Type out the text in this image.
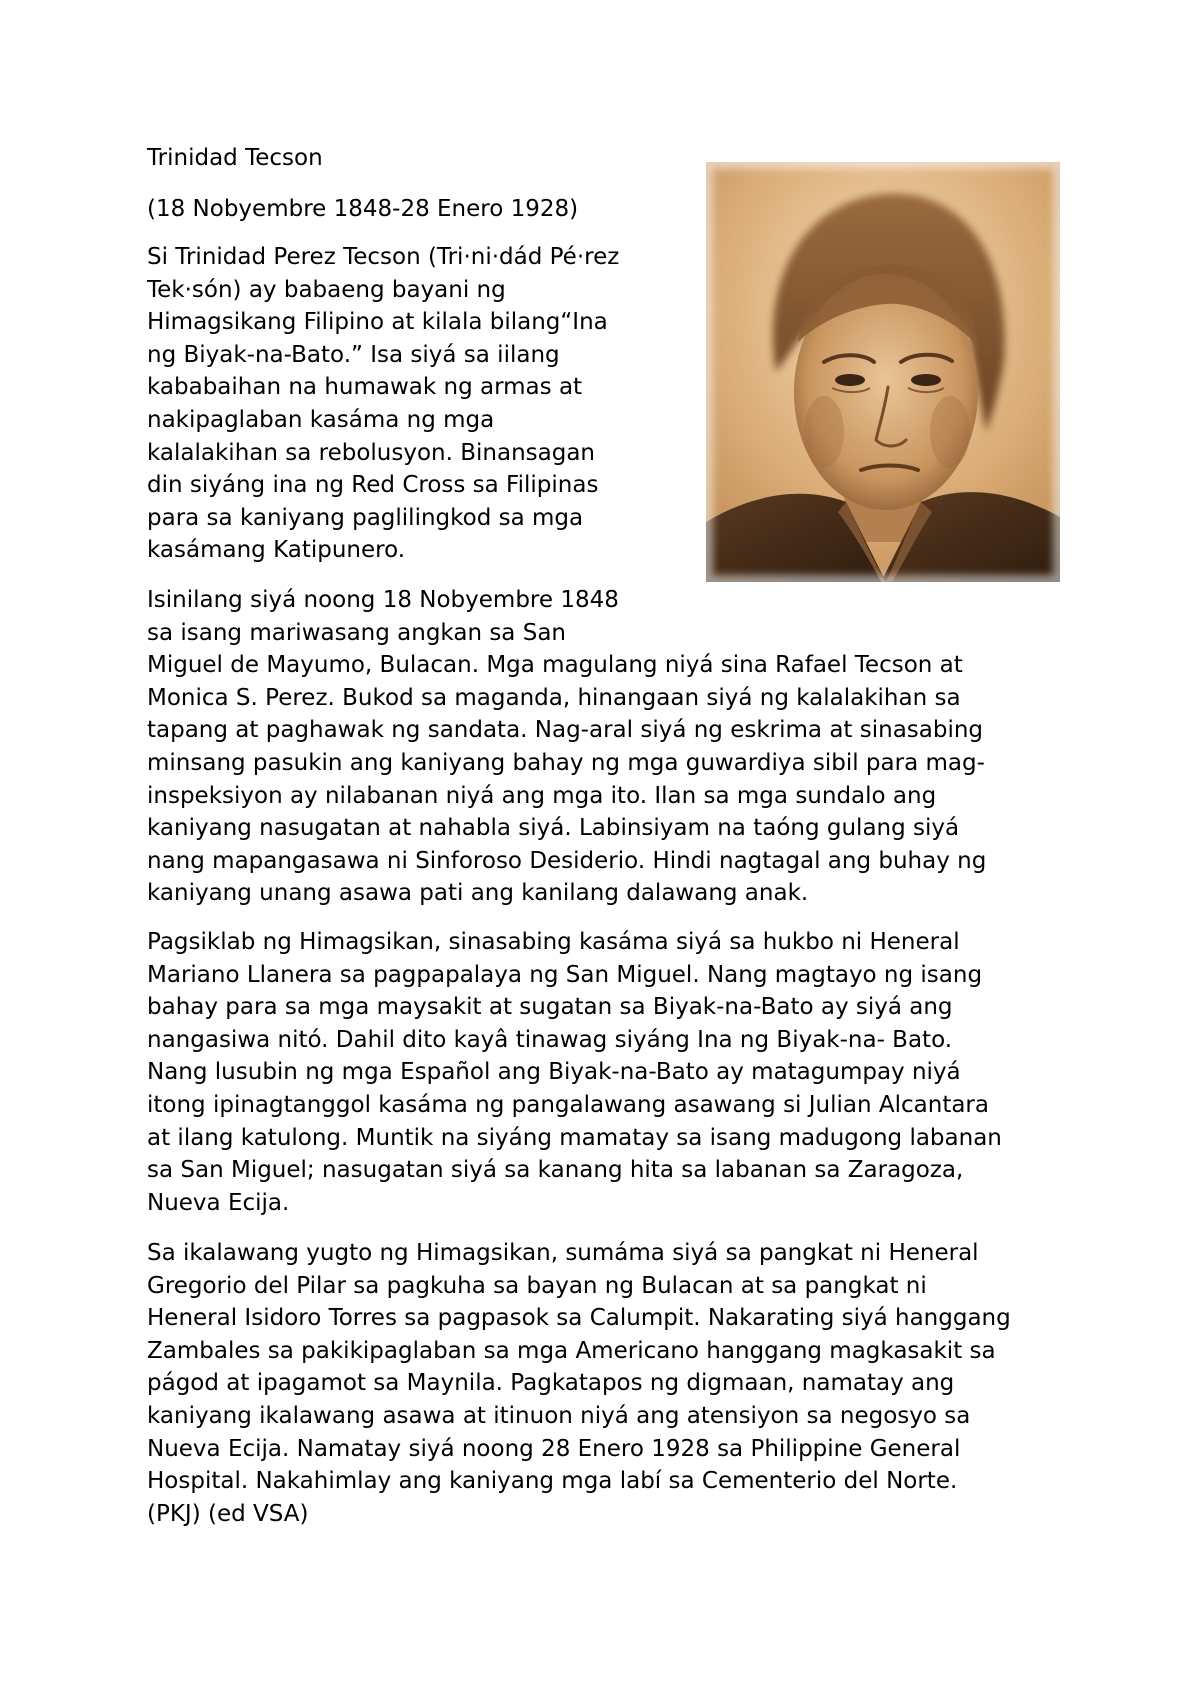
Trinidad Tecson
(18 Nobyembre 1848-28 Enero 1928)
Si Trinidad Perez Tecson (Tri·ni·dád Pé·rez
Tek·són) ay babaeng bayani ng
Himagsikang Filipino at kilala bilang“Ina
ng Biyak-na-Bato.” Isa siyá sa iilang
kababaihan na humawak ng armas at
nakipaglaban kasáma ng mga
kalalakihan sa rebolusyon. Binansagan
din siyáng ina ng Red Cross sa Filipinas
para sa kaniyang paglilingkod sa mga
kasámang Katipunero.
Isinilang siyá noong 18 Nobyembre 1848
sa isang mariwasang angkan sa San
Miguel de Mayumo, Bulacan. Mga magulang niyá sina Rafael Tecson at
Monica S. Perez. Bukod sa maganda, hinangaan siyá ng kalalakihan sa
tapang at paghawak ng sandata. Nag-aral siyá ng eskrima at sinasabing
minsang pasukin ang kaniyang bahay ng mga guwardiya sibil para mag-
inspeksiyon ay nilabanan niyá ang mga ito. Ilan sa mga sundalo ang
kaniyang nasugatan at nahabla siyá. Labinsiyam na taóng gulang siyá
nang mapangasawa ni Sinforoso Desiderio. Hindi nagtagal ang buhay ng
kaniyang unang asawa pati ang kanilang dalawang anak.
Pagsiklab ng Himagsikan, sinasabing kasáma siyá sa hukbo ni Heneral
Mariano Llanera sa pagpapalaya ng San Miguel. Nang magtayo ng isang
bahay para sa mga maysakit at sugatan sa Biyak-na-Bato ay siyá ang
nangasiwa nitó. Dahil dito kayâ tinawag siyáng Ina ng Biyak-na- Bato.
Nang lusubin ng mga Español ang Biyak-na-Bato ay matagumpay niyá
itong ipinagtanggol kasáma ng pangalawang asawang si Julian Alcantara
at ilang katulong. Muntik na siyáng mamatay sa isang madugong labanan
sa San Miguel; nasugatan siyá sa kanang hita sa labanan sa Zaragoza,
Nueva Ecija.
Sa ikalawang yugto ng Himagsikan, sumáma siyá sa pangkat ni Heneral
Gregorio del Pilar sa pagkuha sa bayan ng Bulacan at sa pangkat ni
Heneral Isidoro Torres sa pagpasok sa Calumpit. Nakarating siyá hanggang
Zambales sa pakikipaglaban sa mga Americano hanggang magkasakit sa
págod at ipagamot sa Maynila. Pagkatapos ng digmaan, namatay ang
kaniyang ikalawang asawa at itinuon niyá ang atensiyon sa negosyo sa
Nueva Ecija. Namatay siyá noong 28 Enero 1928 sa Philippine General
Hospital. Nakahimlay ang kaniyang mga labí sa Cementerio del Norte.
(PKJ) (ed VSA)
